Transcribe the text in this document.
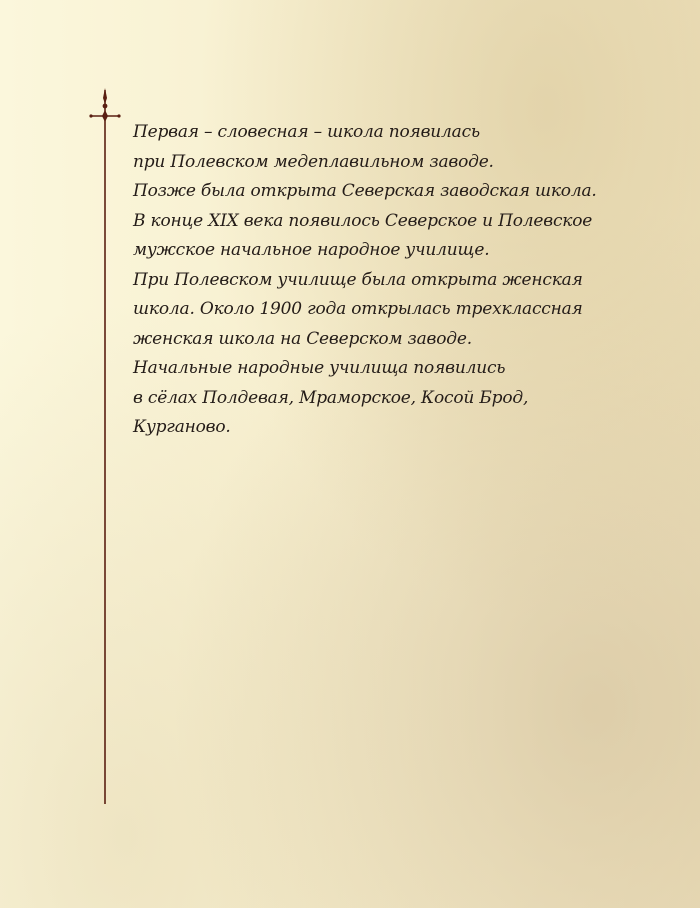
Первая – словесная – школа появилась
при Полевском медеплавильном заводе.
Позже была открыта Северская заводская школа.
В конце XIX века появилось Северское и Полевское
мужское начальное народное училище.
При Полевском училище была открыта женская
школа. Около 1900 года открылась трехклассная
женская школа на Северском заводе.
Начальные народные училища появились
в сёлах Полдевая, Мраморское, Косой Брод,
Курганово.
